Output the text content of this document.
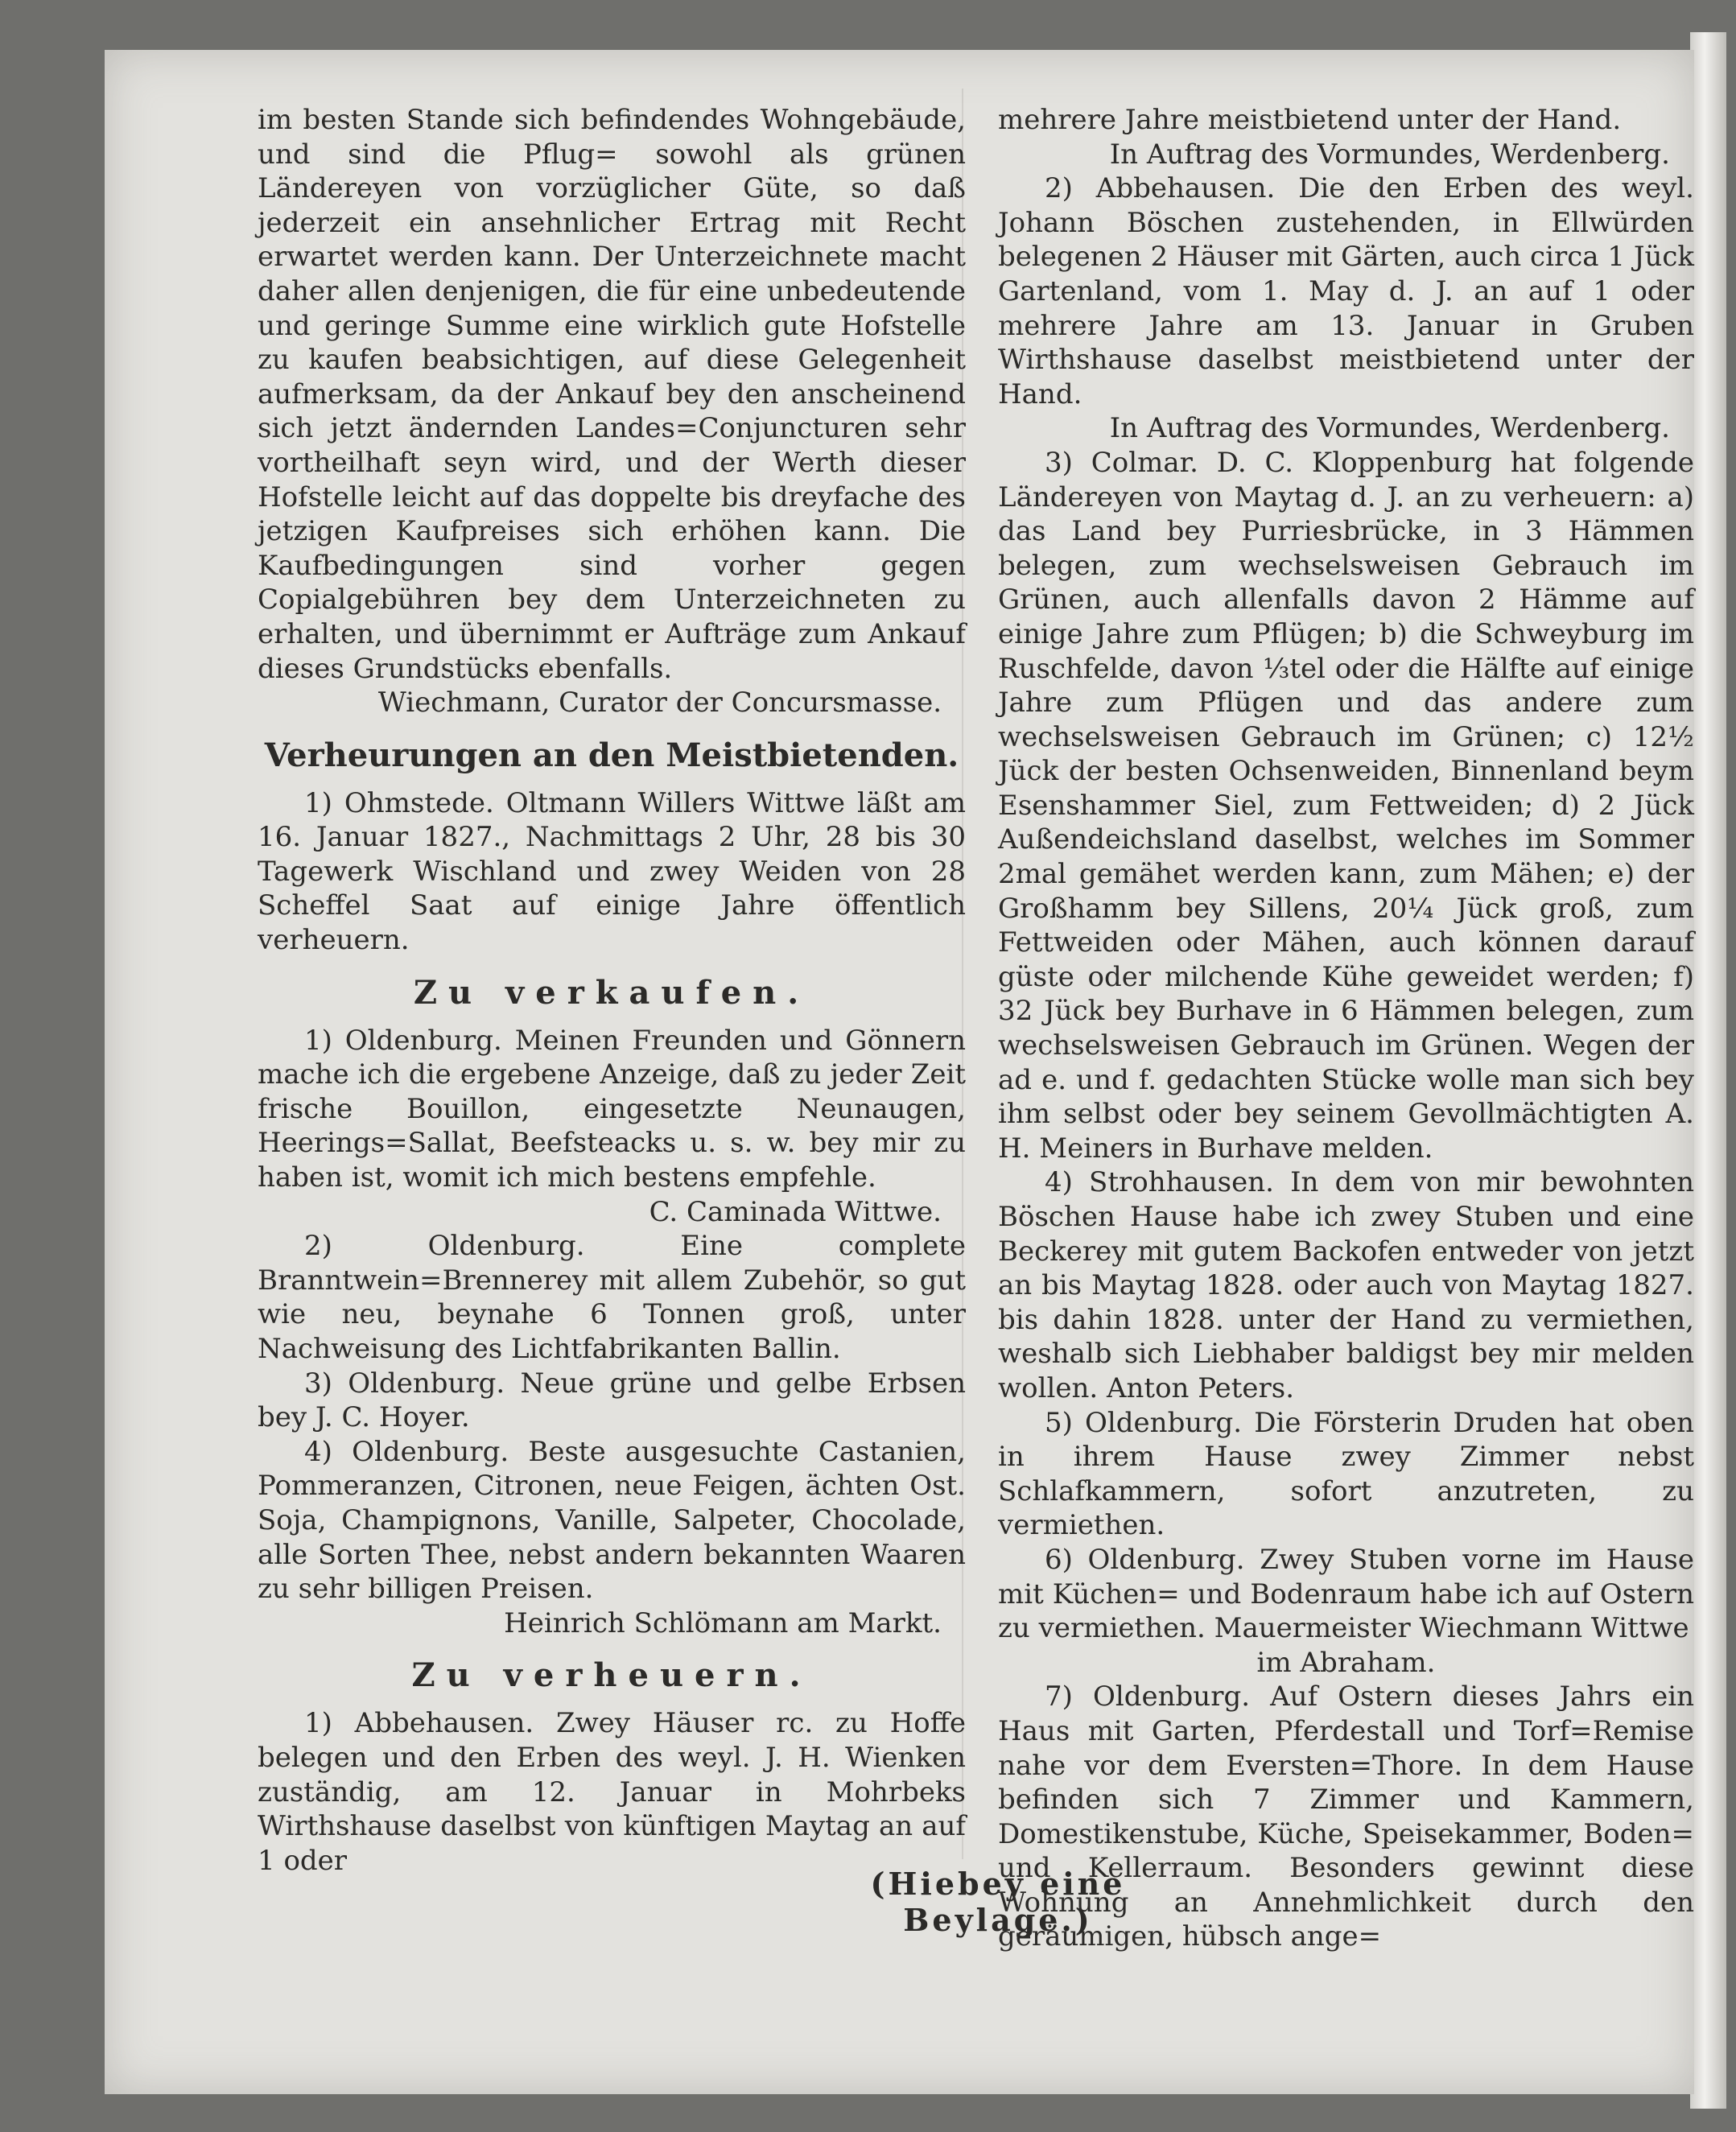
im besten Stande sich befindendes Wohngebäude, und sind die Pflug= sowohl als grünen Ländereyen von vorzüglicher Güte, so daß jederzeit ein ansehnlicher Ertrag mit Recht erwartet werden kann. Der Unterzeichnete macht daher allen denjenigen, die für eine unbedeutende und geringe Summe eine wirklich gute Hofstelle zu kaufen beabsichtigen, auf diese Gelegenheit aufmerksam, da der Ankauf bey den anscheinend sich jetzt ändernden Landes=Conjuncturen sehr vortheilhaft seyn wird, und der Werth dieser Hofstelle leicht auf das doppelte bis dreyfache des jetzigen Kaufpreises sich erhöhen kann. Die Kaufbedingungen sind vorher gegen Copialgebühren bey dem Unterzeichneten zu erhalten, und übernimmt er Aufträge zum Ankauf dieses Grundstücks ebenfalls.

Wiechmann, Curator der Concursmasse.

Verheurungen an den Meistbietenden.

1) Ohmstede. Oltmann Willers Wittwe läßt am 16. Januar 1827., Nachmittags 2 Uhr, 28 bis 30 Tagewerk Wischland und zwey Weiden von 28 Scheffel Saat auf einige Jahre öffentlich verheuern.

Zu verkaufen.

1) Oldenburg. Meinen Freunden und Gönnern mache ich die ergebene Anzeige, daß zu jeder Zeit frische Bouillon, eingesetzte Neunaugen, Heerings=Sallat, Beefsteacks u. s. w. bey mir zu haben ist, womit ich mich bestens empfehle.

C. Caminada Wittwe.

2) Oldenburg. Eine complete Branntwein=Brennerey mit allem Zubehör, so gut wie neu, beynahe 6 Tonnen groß, unter Nachweisung des Lichtfabrikanten Ballin.

3) Oldenburg. Neue grüne und gelbe Erbsen bey J. C. Hoyer.

4) Oldenburg. Beste ausgesuchte Castanien, Pommeranzen, Citronen, neue Feigen, ächten Ost. Soja, Champignons, Vanille, Salpeter, Chocolade, alle Sorten Thee, nebst andern bekannten Waaren zu sehr billigen Preisen.

Heinrich Schlömann am Markt.

Zu verheuern.

1) Abbehausen. Zwey Häuser rc. zu Hoffe belegen und den Erben des weyl. J. H. Wienken zuständig, am 12. Januar in Mohrbeks Wirthshause daselbst von künftigen Maytag an auf 1 oder

mehrere Jahre meistbietend unter der Hand.

In Auftrag des Vormundes, Werdenberg.

2) Abbehausen. Die den Erben des weyl. Johann Böschen zustehenden, in Ellwürden belegenen 2 Häuser mit Gärten, auch circa 1 Jück Gartenland, vom 1. May d. J. an auf 1 oder mehrere Jahre am 13. Januar in Gruben Wirthshause daselbst meistbietend unter der Hand.

In Auftrag des Vormundes, Werdenberg.

3) Colmar. D. C. Kloppenburg hat folgende Ländereyen von Maytag d. J. an zu verheuern: a) das Land bey Purriesbrücke, in 3 Hämmen belegen, zum wechselsweisen Gebrauch im Grünen, auch allenfalls davon 2 Hämme auf einige Jahre zum Pflügen; b) die Schweyburg im Ruschfelde, davon ⅓tel oder die Hälfte auf einige Jahre zum Pflügen und das andere zum wechselsweisen Gebrauch im Grünen; c) 12½ Jück der besten Ochsenweiden, Binnenland beym Esenshammer Siel, zum Fettweiden; d) 2 Jück Außendeichsland daselbst, welches im Sommer 2mal gemähet werden kann, zum Mähen; e) der Großhamm bey Sillens, 20¼ Jück groß, zum Fettweiden oder Mähen, auch können darauf güste oder milchende Kühe geweidet werden; f) 32 Jück bey Burhave in 6 Hämmen belegen, zum wechselsweisen Gebrauch im Grünen. Wegen der ad e. und f. gedachten Stücke wolle man sich bey ihm selbst oder bey seinem Gevollmächtigten A. H. Meiners in Burhave melden.

4) Strohhausen. In dem von mir bewohnten Böschen Hause habe ich zwey Stuben und eine Beckerey mit gutem Backofen entweder von jetzt an bis Maytag 1828. oder auch von Maytag 1827. bis dahin 1828. unter der Hand zu vermiethen, weshalb sich Liebhaber baldigst bey mir melden wollen. Anton Peters.

5) Oldenburg. Die Försterin Druden hat oben in ihrem Hause zwey Zimmer nebst Schlafkammern, sofort anzutreten, zu vermiethen.

6) Oldenburg. Zwey Stuben vorne im Hause mit Küchen= und Bodenraum habe ich auf Ostern zu vermiethen. Mauermeister Wiechmann Wittwe

im Abraham.

7) Oldenburg. Auf Ostern dieses Jahrs ein Haus mit Garten, Pferdestall und Torf=Remise nahe vor dem Eversten=Thore. In dem Hause befinden sich 7 Zimmer und Kammern, Domestikenstube, Küche, Speisekammer, Boden= und Kellerraum. Besonders gewinnt diese Wohnung an Annehmlichkeit durch den geräumigen, hübsch ange=

(Hiebey eine Beylage.)
